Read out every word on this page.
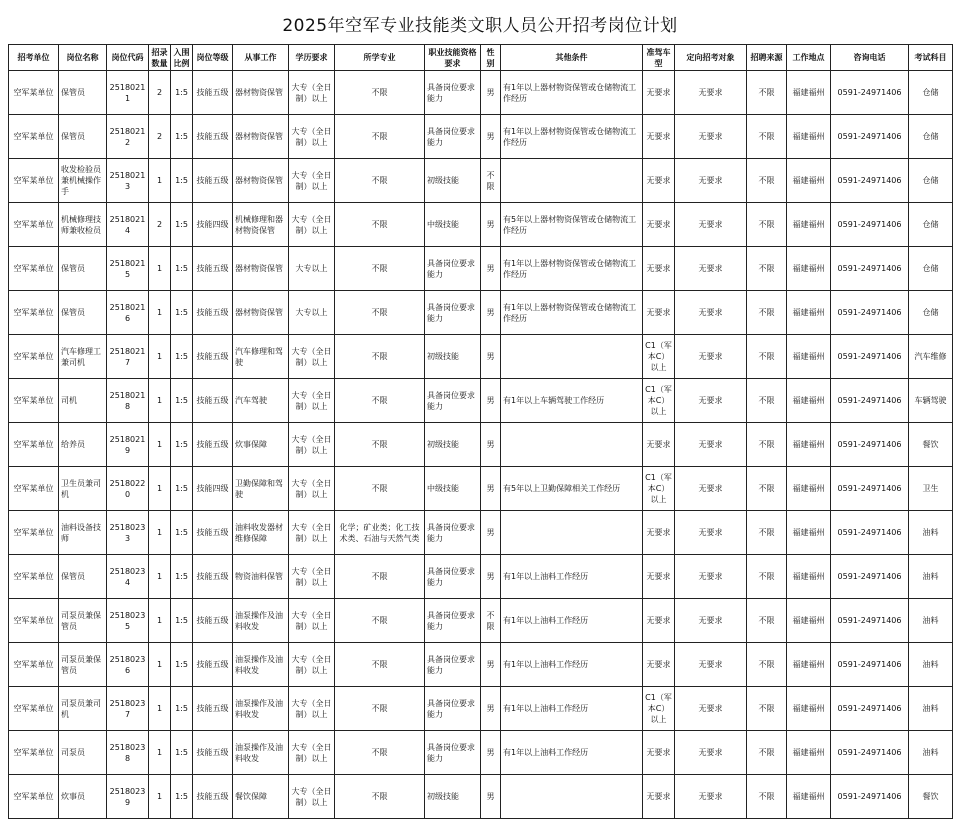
2025年空军专业技能类文职人员公开招考岗位计划
招考单位	岗位名称	岗位代码	招录数量	入围比例	岗位等级	从事工作	学历要求	所学专业	职业技能资格要求	性别	其他条件	准驾车型	定向招考对象	招聘来源	工作地点	咨询电话	考试科目
空军某单位	保管员	25180211	2	1:5	技能五级	器材物资保管	大专（全日制）以上	不限	具备岗位要求能力	男	有1年以上器材物资保管或仓储物流工作经历	无要求	无要求	不限	福建福州	0591-24971406	仓储
空军某单位	保管员	25180212	2	1:5	技能五级	器材物资保管	大专（全日制）以上	不限	具备岗位要求能力	男	有1年以上器材物资保管或仓储物流工作经历	无要求	无要求	不限	福建福州	0591-24971406	仓储
空军某单位	收发检验员兼机械操作手	25180213	1	1:5	技能五级	器材物资保管	大专（全日制）以上	不限	初级技能	不限		无要求	无要求	不限	福建福州	0591-24971406	仓储
空军某单位	机械修理技师兼收检员	25180214	2	1:5	技能四级	机械修理和器材物资保管	大专（全日制）以上	不限	中级技能	男	有5年以上器材物资保管或仓储物流工作经历	无要求	无要求	不限	福建福州	0591-24971406	仓储
空军某单位	保管员	25180215	1	1:5	技能五级	器材物资保管	大专以上	不限	具备岗位要求能力	男	有1年以上器材物资保管或仓储物流工作经历	无要求	无要求	不限	福建福州	0591-24971406	仓储
空军某单位	保管员	25180216	1	1:5	技能五级	器材物资保管	大专以上	不限	具备岗位要求能力	男	有1年以上器材物资保管或仓储物流工作经历	无要求	无要求	不限	福建福州	0591-24971406	仓储
空军某单位	汽车修理工兼司机	25180217	1	1:5	技能五级	汽车修理和驾驶	大专（全日制）以上	不限	初级技能	男		C1（军本C）以上	无要求	不限	福建福州	0591-24971406	汽车维修
空军某单位	司机	25180218	1	1:5	技能五级	汽车驾驶	大专（全日制）以上	不限	具备岗位要求能力	男	有1年以上车辆驾驶工作经历	C1（军本C）以上	无要求	不限	福建福州	0591-24971406	车辆驾驶
空军某单位	给养员	25180219	1	1:5	技能五级	炊事保障	大专（全日制）以上	不限	初级技能	男		无要求	无要求	不限	福建福州	0591-24971406	餐饮
空军某单位	卫生员兼司机	25180220	1	1:5	技能四级	卫勤保障和驾驶	大专（全日制）以上	不限	中级技能	男	有5年以上卫勤保障相关工作经历	C1（军本C）以上	无要求	不限	福建福州	0591-24971406	卫生
空军某单位	油料设备技师	25180233	1	1:5	技能五级	油料收发器材维修保障	大专（全日制）以上	化学；矿业类；化工技术类、石油与天然气类	具备岗位要求能力	男		无要求	无要求	不限	福建福州	0591-24971406	油料
空军某单位	保管员	25180234	1	1:5	技能五级	物资油料保管	大专（全日制）以上	不限	具备岗位要求能力	男	有1年以上油料工作经历	无要求	无要求	不限	福建福州	0591-24971406	油料
空军某单位	司泵员兼保管员	25180235	1	1:5	技能五级	油泵操作及油料收发	大专（全日制）以上	不限	具备岗位要求能力	不限	有1年以上油料工作经历	无要求	无要求	不限	福建福州	0591-24971406	油料
空军某单位	司泵员兼保管员	25180236	1	1:5	技能五级	油泵操作及油料收发	大专（全日制）以上	不限	具备岗位要求能力	男	有1年以上油料工作经历	无要求	无要求	不限	福建福州	0591-24971406	油料
空军某单位	司泵员兼司机	25180237	1	1:5	技能五级	油泵操作及油料收发	大专（全日制）以上	不限	具备岗位要求能力	男	有1年以上油料工作经历	C1（军本C）以上	无要求	不限	福建福州	0591-24971406	油料
空军某单位	司泵员	25180238	1	1:5	技能五级	油泵操作及油料收发	大专（全日制）以上	不限	具备岗位要求能力	男	有1年以上油料工作经历	无要求	无要求	不限	福建福州	0591-24971406	油料
空军某单位	炊事员	25180239	1	1:5	技能五级	餐饮保障	大专（全日制）以上	不限	初级技能	男		无要求	无要求	不限	福建福州	0591-24971406	餐饮
